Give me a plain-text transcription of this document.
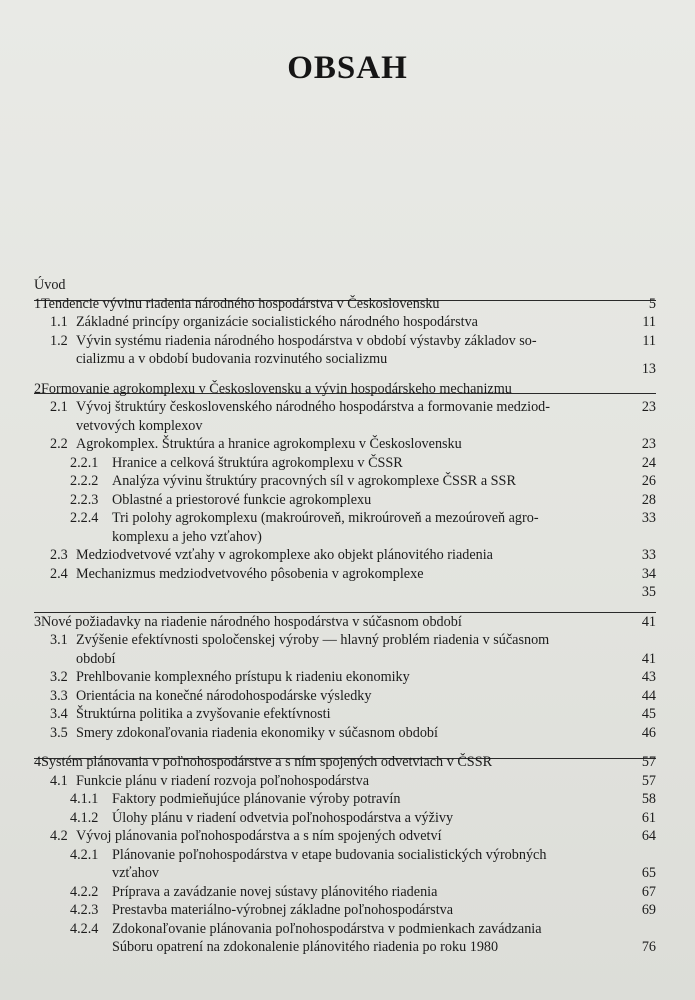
OBSAH
Úvod
1 Tendencie vývinu riadenia národného hospodárstva v Československu	5
1.1 Základné princípy organizácie socialistického národného hospodárstva	11
1.2 Vývin systému riadenia národného hospodárstva v období výstavby základov so-	11
cializmu a v období budovania rozvinutého socializmu
13
2 Formovanie agrokomplexu v Československu a vývin hospodárskeho mechanizmu
2.1 Vývoj štruktúry československého národného hospodárstva a formovanie medziod-	23
vetvových komplexov
2.2 Agrokomplex. Štruktúra a hranice agrokomplexu v Československu	23
2.2.1 Hranice a celková štruktúra agrokomplexu v ČSSR	24
2.2.2 Analýza vývinu štruktúry pracovných síl v agrokomplexe ČSSR a SSR	26
2.2.3 Oblastné a priestorové funkcie agrokomplexu	28
2.2.4 Tri polohy agrokomplexu (makroúroveň, mikroúroveň a mezoúroveň agro-	33
komplexu a jeho vzťahov)
2.3 Medziodvetvové vzťahy v agrokomplexe ako objekt plánovitého riadenia	33
2.4 Mechanizmus medziodvetvového pôsobenia v agrokomplexe	34
35
3 Nové požiadavky na riadenie národného hospodárstva v súčasnom období	41
3.1 Zvýšenie efektívnosti spoločenskej výroby — hlavný problém riadenia v súčasnom
období	41
3.2 Prehlbovanie komplexného prístupu k riadeniu ekonomiky	43
3.3 Orientácia na konečné národohospodárske výsledky	44
3.4 Štruktúrna politika a zvyšovanie efektívnosti	45
3.5 Smery zdokonaľovania riadenia ekonomiky v súčasnom období	46
4 Systém plánovania v poľnohospodárstve a s ním spojených odvetviach v ČSSR	57
4.1 Funkcie plánu v riadení rozvoja poľnohospodárstva	57
4.1.1 Faktory podmieňujúce plánovanie výroby potravín	58
4.1.2 Úlohy plánu v riadení odvetvia poľnohospodárstva a výživy	61
4.2 Vývoj plánovania poľnohospodárstva a s ním spojených odvetví	64
4.2.1 Plánovanie poľnohospodárstva v etape budovania socialistických výrobných
vzťahov	65
4.2.2 Príprava a zavádzanie novej sústavy plánovitého riadenia	67
4.2.3 Prestavba materiálno-výrobnej základne poľnohospodárstva	69
4.2.4 Zdokonaľovanie plánovania poľnohospodárstva v podmienkach zavádzania
Súboru opatrení na zdokonalenie plánovitého riadenia po roku 1980	76
